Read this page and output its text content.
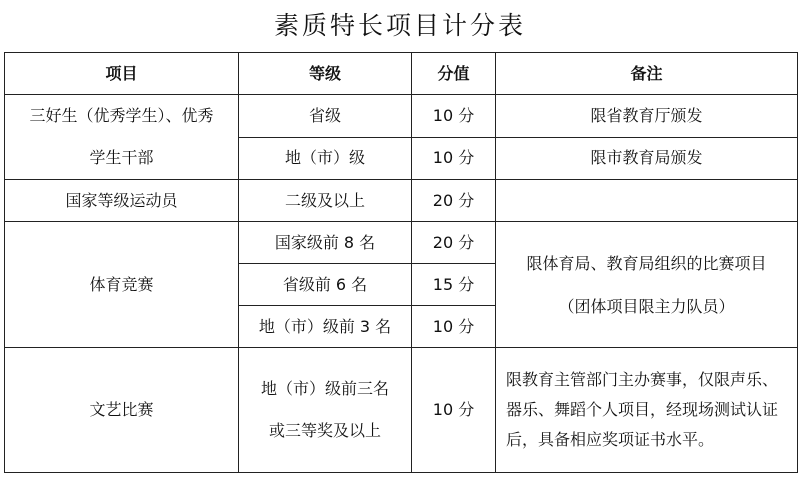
素质特长项目计分表
项目	等级	分值	备注
三好生（优秀学生）、优秀
学生干部	省级	10 分	限省教育厅颁发
	地（市）级	10 分	限市教育局颁发
国家等级运动员	二级及以上	20 分	
体育竞赛	国家级前 8 名	20 分	限体育局、教育局组织的比赛项目
（团体项目限主力队员）
	省级前 6 名	15 分	
	地（市）级前 3 名	10 分	
文艺比赛	地（市）级前三名
或三等奖及以上	10 分	限教育主管部门主办赛事，仅限声乐、器乐、舞蹈个人项目，经现场测试认证后，具备相应奖项证书水平。
